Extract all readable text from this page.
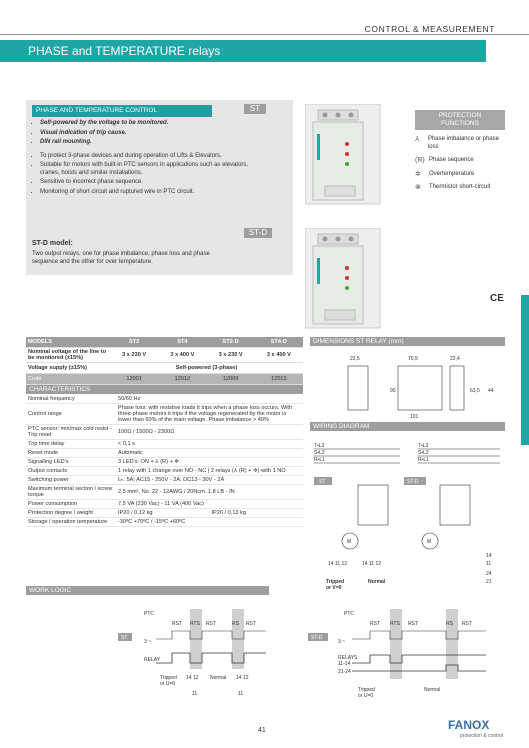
CONTROL & MEASUREMENT
PHASE and TEMPERATURE relays
PHASE AND TEMPERATURE CONTROL
• Self-powered by the voltage to be monitored.
• Visual indication of trip cause.
• DIN rail mounting.
• To protect 3-phase devices and during operation of Lifts & Elevators.
• Suitable for motors with built-in PTC sensors in applications such as elevators, cranes, hoists and similar installations.
• Sensitive to incorrect phase sequence.
• Monitoring of short circuit and ruptured wire in PTC circuit.
ST-D model:
Two output relays, one for phase imbalance, phase loss and phase sequence and the other for over temperature.
ST
ST-D
PROTECTION
FUNCTIONS
⅄	Phase imbalance or phase loss
(R) Phase sequence
✲	Overtemperature
⊗	Thermistor short-circuit
CE
MODELS	ST2	ST4	ST2-D	ST4-D
Nominal voltage of the line to be monitored (±15%)	3 x 230 V	3 x 400 V	3 x 230 V	3 x 400 V
Voltage supply (±15%)	Self-powered (3-phase)			
Code	12001	12012	12009	12013
CHARACTERISTICS
Nominal frequency	50/60 Hz	
Control range	Phase loss: with resistive loads it trips when a phase loss occurs. With three-phase motors it trips if the voltage regenerated by the motor is lower than 60% of the main voltage. Phase imbalance > 40%	
PTC sensor: min/max cold resist - Trip reset	100Ω / 1500Ω - 2300Ω	
Trip time delay	< 0,1 s	
Reset mode	Automatic	
Signalling LED's	3 LED's: ON + ⅄ (R) + ✲	
Output contacts	1 relay with 1 change over NO - NC | 2 relays (⅄ (R) + ✲) with 1 NO	
Switching power	Iₜₕ: 5A; AC15 - 250V - 2A; DC13 - 30V - 2A	
Maximum terminal section / screw torque	2,5 mm², No. 22 - 12AWG / 20Ncm. 1.8 LB - IN	
Power consumption	7,5 VA (230 Vac) - 11 VA (400 Vac)	
Protection degree / weight	IP20 / 0,12 kg	IP20 / 0,13 kg
Storage / operation temperature	-30ºC +70ºC / -15ºC +60ºC	
DIMENSIONS ST RELAY (mm)
22,5	70,5	22,4
90	63,5 44
101
WIRING DIAGRAM
T•L3
S•L2
R•L1
T•L3
S•L2
R•L1
ST	ST-D
M	M
14 11 12	14 11 12
Tripped
or V=0
Normal
14
11
24
21
WORK LOGIC
PTC
RST RTS RST	RS RST
ST
3 ~
RELAY
Tripped
or U=0
14 12 Normal 14 12
11	11
PTC
RST RTS RST	RS RST
ST-D
3 ~
RELAYS
11-14
21-24
Tripped
or U=0
Normal
41	FANOX
protection & control
